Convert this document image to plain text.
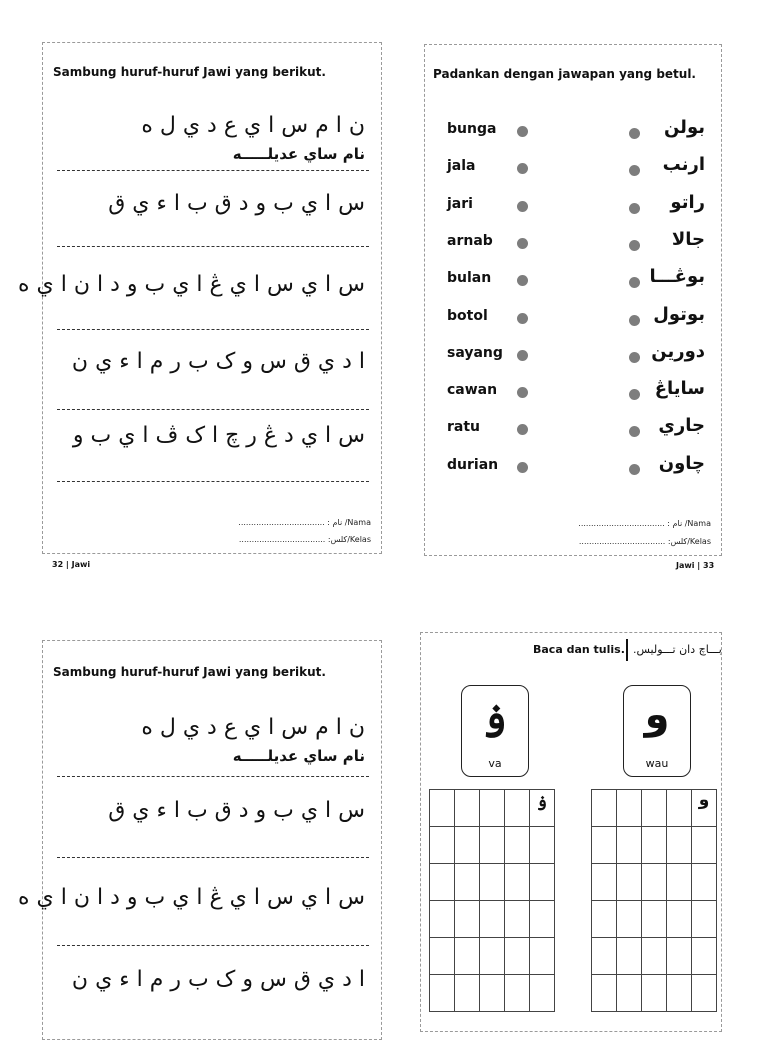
Sambung huruf-huruf Jawi yang berikut.
ن ا م س ا ي ع د ي ل ه
نام ساي عديلـــــه
س ا ي ب و د ق ب ا ء ي ق
س ا ي س ا ي ڠ ا ي ب و د ا ن ا ي ه
ا د ي ق س و ک ب ر م ا ء ي ن
س ا ي د ڠ ر چ ا ک ڤ ا ي ب و
.................................. : نام /Nama
.................................. :کلس/Kelas
32 | Jawi
Padankan dengan jawapan yang betul.
bunga	بولن
jala	ارنب
jari	راتو
arnab	جالا
bulan	بوڠـــا
botol	بوتول
sayang	دورين
cawan	ساياڠ
ratu	جاري
durian	چاون
.................................. : نام /Nama
.................................. :کلس/Kelas
Jawi | 33
Sambung huruf-huruf Jawi yang berikut.
ن ا م س ا ي ع د ي ل ه
نام ساي عديلـــــه
س ا ي ب و د ق ب ا ء ي ق
س ا ي س ا ي ڠ ا ي ب و د ا ن ا ي ه
ا د ي ق س و ک ب ر م ا ء ي ن
Baca dan tulis. بـــاچ دان تـــوليس.
ۏ
va
و
wau
				ۏ

					و
